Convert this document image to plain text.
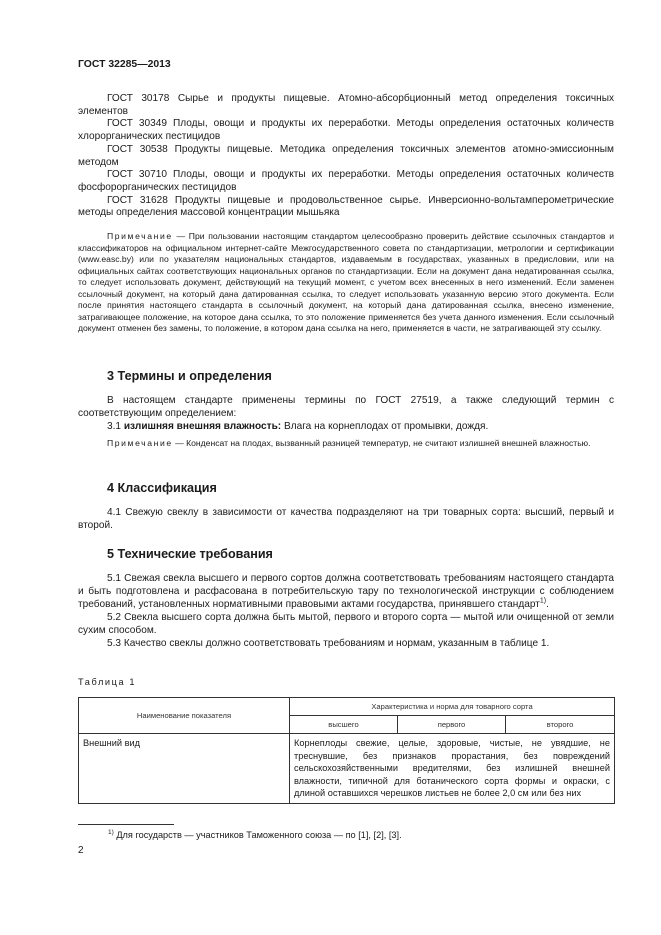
ГОСТ 32285—2013

ГОСТ 30178 Сырье и продукты пищевые. Атомно-абсорбционный метод определения токсичных элементов

ГОСТ 30349 Плоды, овощи и продукты их переработки. Методы определения остаточных количеств хлорорганических пестицидов

ГОСТ 30538 Продукты пищевые. Методика определения токсичных элементов атомно-эмиссионным методом

ГОСТ 30710 Плоды, овощи и продукты их переработки. Методы определения остаточных количеств фосфорорганических пестицидов

ГОСТ 31628 Продукты пищевые и продовольственное сырье. Инверсионно-вольтамперометрические методы определения массовой концентрации мышьяка

Примечание — При пользовании настоящим стандартом целесообразно проверить действие ссылочных стандартов и классификаторов на официальном интернет-сайте Межгосударственного совета по стандартизации, метрологии и сертификации (www.easc.by) или по указателям национальных стандартов, издаваемым в государствах, указанных в предисловии, или на официальных сайтах соответствующих национальных органов по стандартизации. Если на документ дана недатированная ссылка, то следует использовать документ, действующий на текущий момент, с учетом всех внесенных в него изменений. Если заменен ссылочный документ, на который дана датированная ссылка, то следует использовать указанную версию этого документа. Если после принятия настоящего стандарта в ссылочный документ, на который дана датированная ссылка, внесено изменение, затрагивающее положение, на которое дана ссылка, то это положение применяется без учета данного изменения. Если ссылочный документ отменен без замены, то положение, в котором дана ссылка на него, применяется в части, не затрагивающей эту ссылку.

3 Термины и определения

В настоящем стандарте применены термины по ГОСТ 27519, а также следующий термин с соответствующим определением:

3.1 излишняя внешняя влажность: Влага на корнеплодах от промывки, дождя.

Примечание — Конденсат на плодах, вызванный разницей температур, не считают излишней внешней влажностью.

4 Классификация

4.1 Свежую свеклу в зависимости от качества подразделяют на три товарных сорта: высший, первый и второй.

5 Технические требования

5.1 Свежая свекла высшего и первого сортов должна соответствовать требованиям настоящего стандарта и быть подготовлена и расфасована в потребительскую тару по технологической инструкции с соблюдением требований, установленных нормативными правовыми актами государства, принявшего стандарт$^{1)}$.

5.2 Свекла высшего сорта должна быть мытой, первого и второго сорта — мытой или очищенной от земли сухим способом.

5.3 Качество свеклы должно соответствовать требованиям и нормам, указанным в таблице 1.

Таблица 1
Наименование показателя	Характеристика и норма для товарного сорта		
	высшего	первого	второго
Внешний вид	Корнеплоды свежие, целые, здоровые, чистые, не увядшие, не треснувшие, без признаков прорастания, без повреждений сельскохозяйственными вредителями, без излишней внешней влажности, типичной для ботанического сорта формы и окраски, с длиной оставшихся черешков листьев не более 2,0 см или без них		
$^{1)}$ Для государств — участников Таможенного союза — по [1], [2], [3].
2
